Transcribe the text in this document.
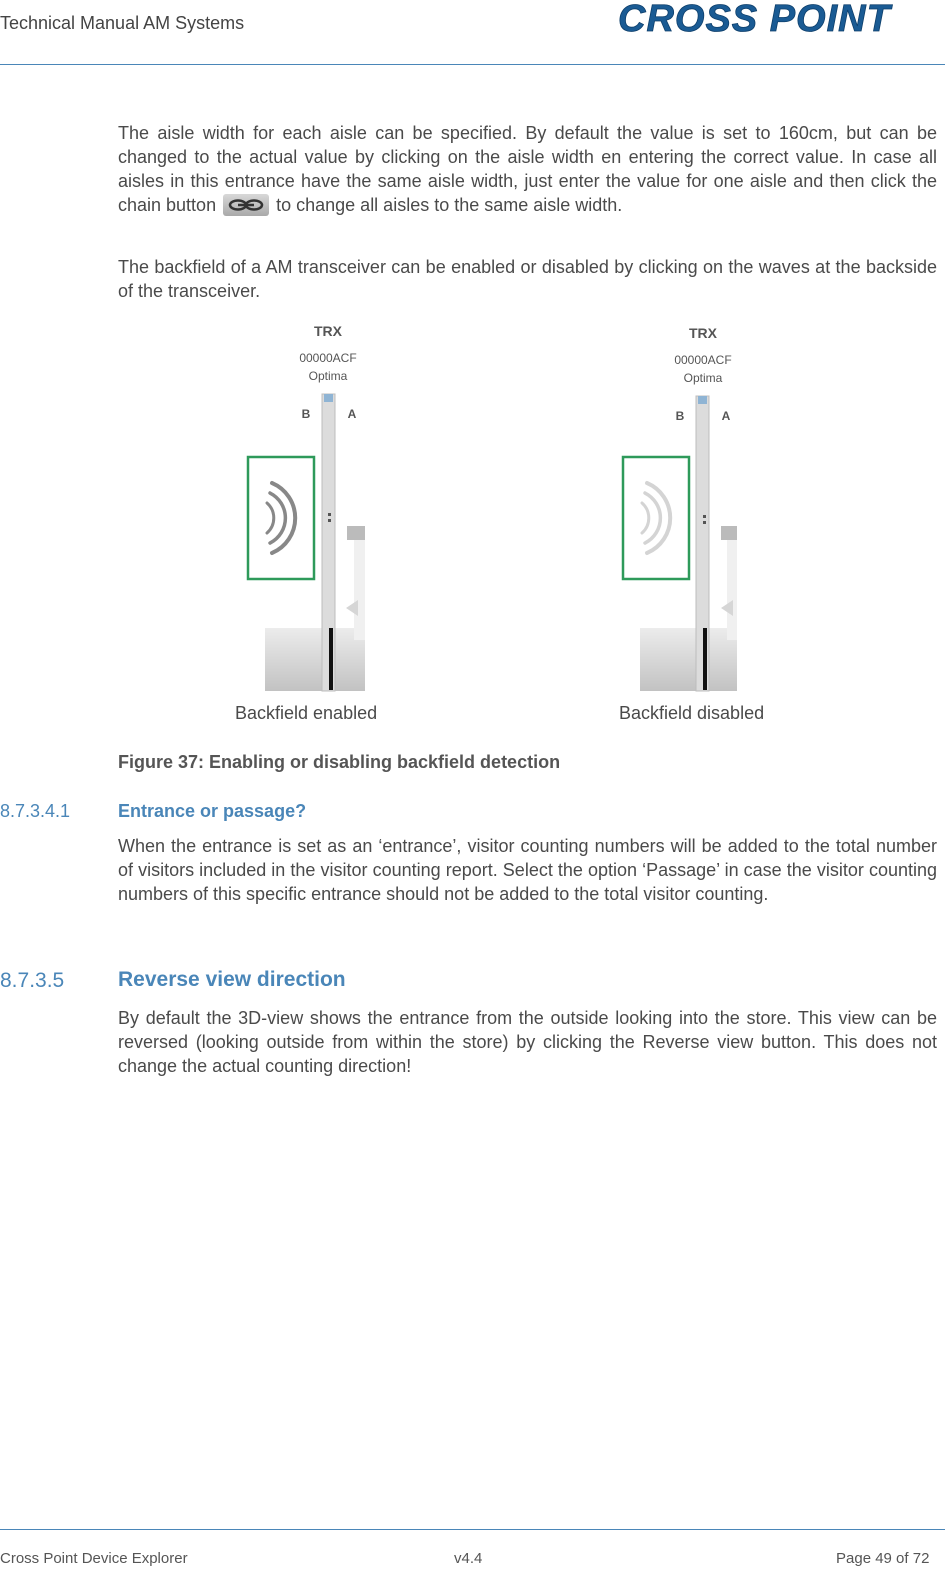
Technical Manual AM Systems	CROSS POINT

The aisle width for each aisle can be specified. By default the value is set to 160cm, but can be changed to the actual value by clicking on the aisle width en entering the correct value. In case all aisles in this entrance have the same aisle width, just enter the value for one aisle and then click the chain button	to change all aisles to the same aisle width.

The backfield of a AM transceiver can be enabled or disabled by clicking on the waves at the backside of the transceiver.

TRX
00000ACF
Optima
B	A
Backfield enabled
TRX
00000ACF
Optima
B	A
Backfield disabled
Figure 37: Enabling or disabling backfield detection
8.7.3.4.1	Entrance or passage?

When the entrance is set as an ‘entrance’, visitor counting numbers will be added to the total number of visitors included in the visitor counting report. Select the option ‘Passage’ in case the visitor counting numbers of this specific entrance should not be added to the total visitor counting.

8.7.3.5	Reverse view direction

By default the 3D-view shows the entrance from the outside looking into the store. This view can be reversed (looking outside from within the store) by clicking the Reverse view button. This does not change the actual counting direction!

Cross Point Device Explorer	v4.4	Page 49 of 72
